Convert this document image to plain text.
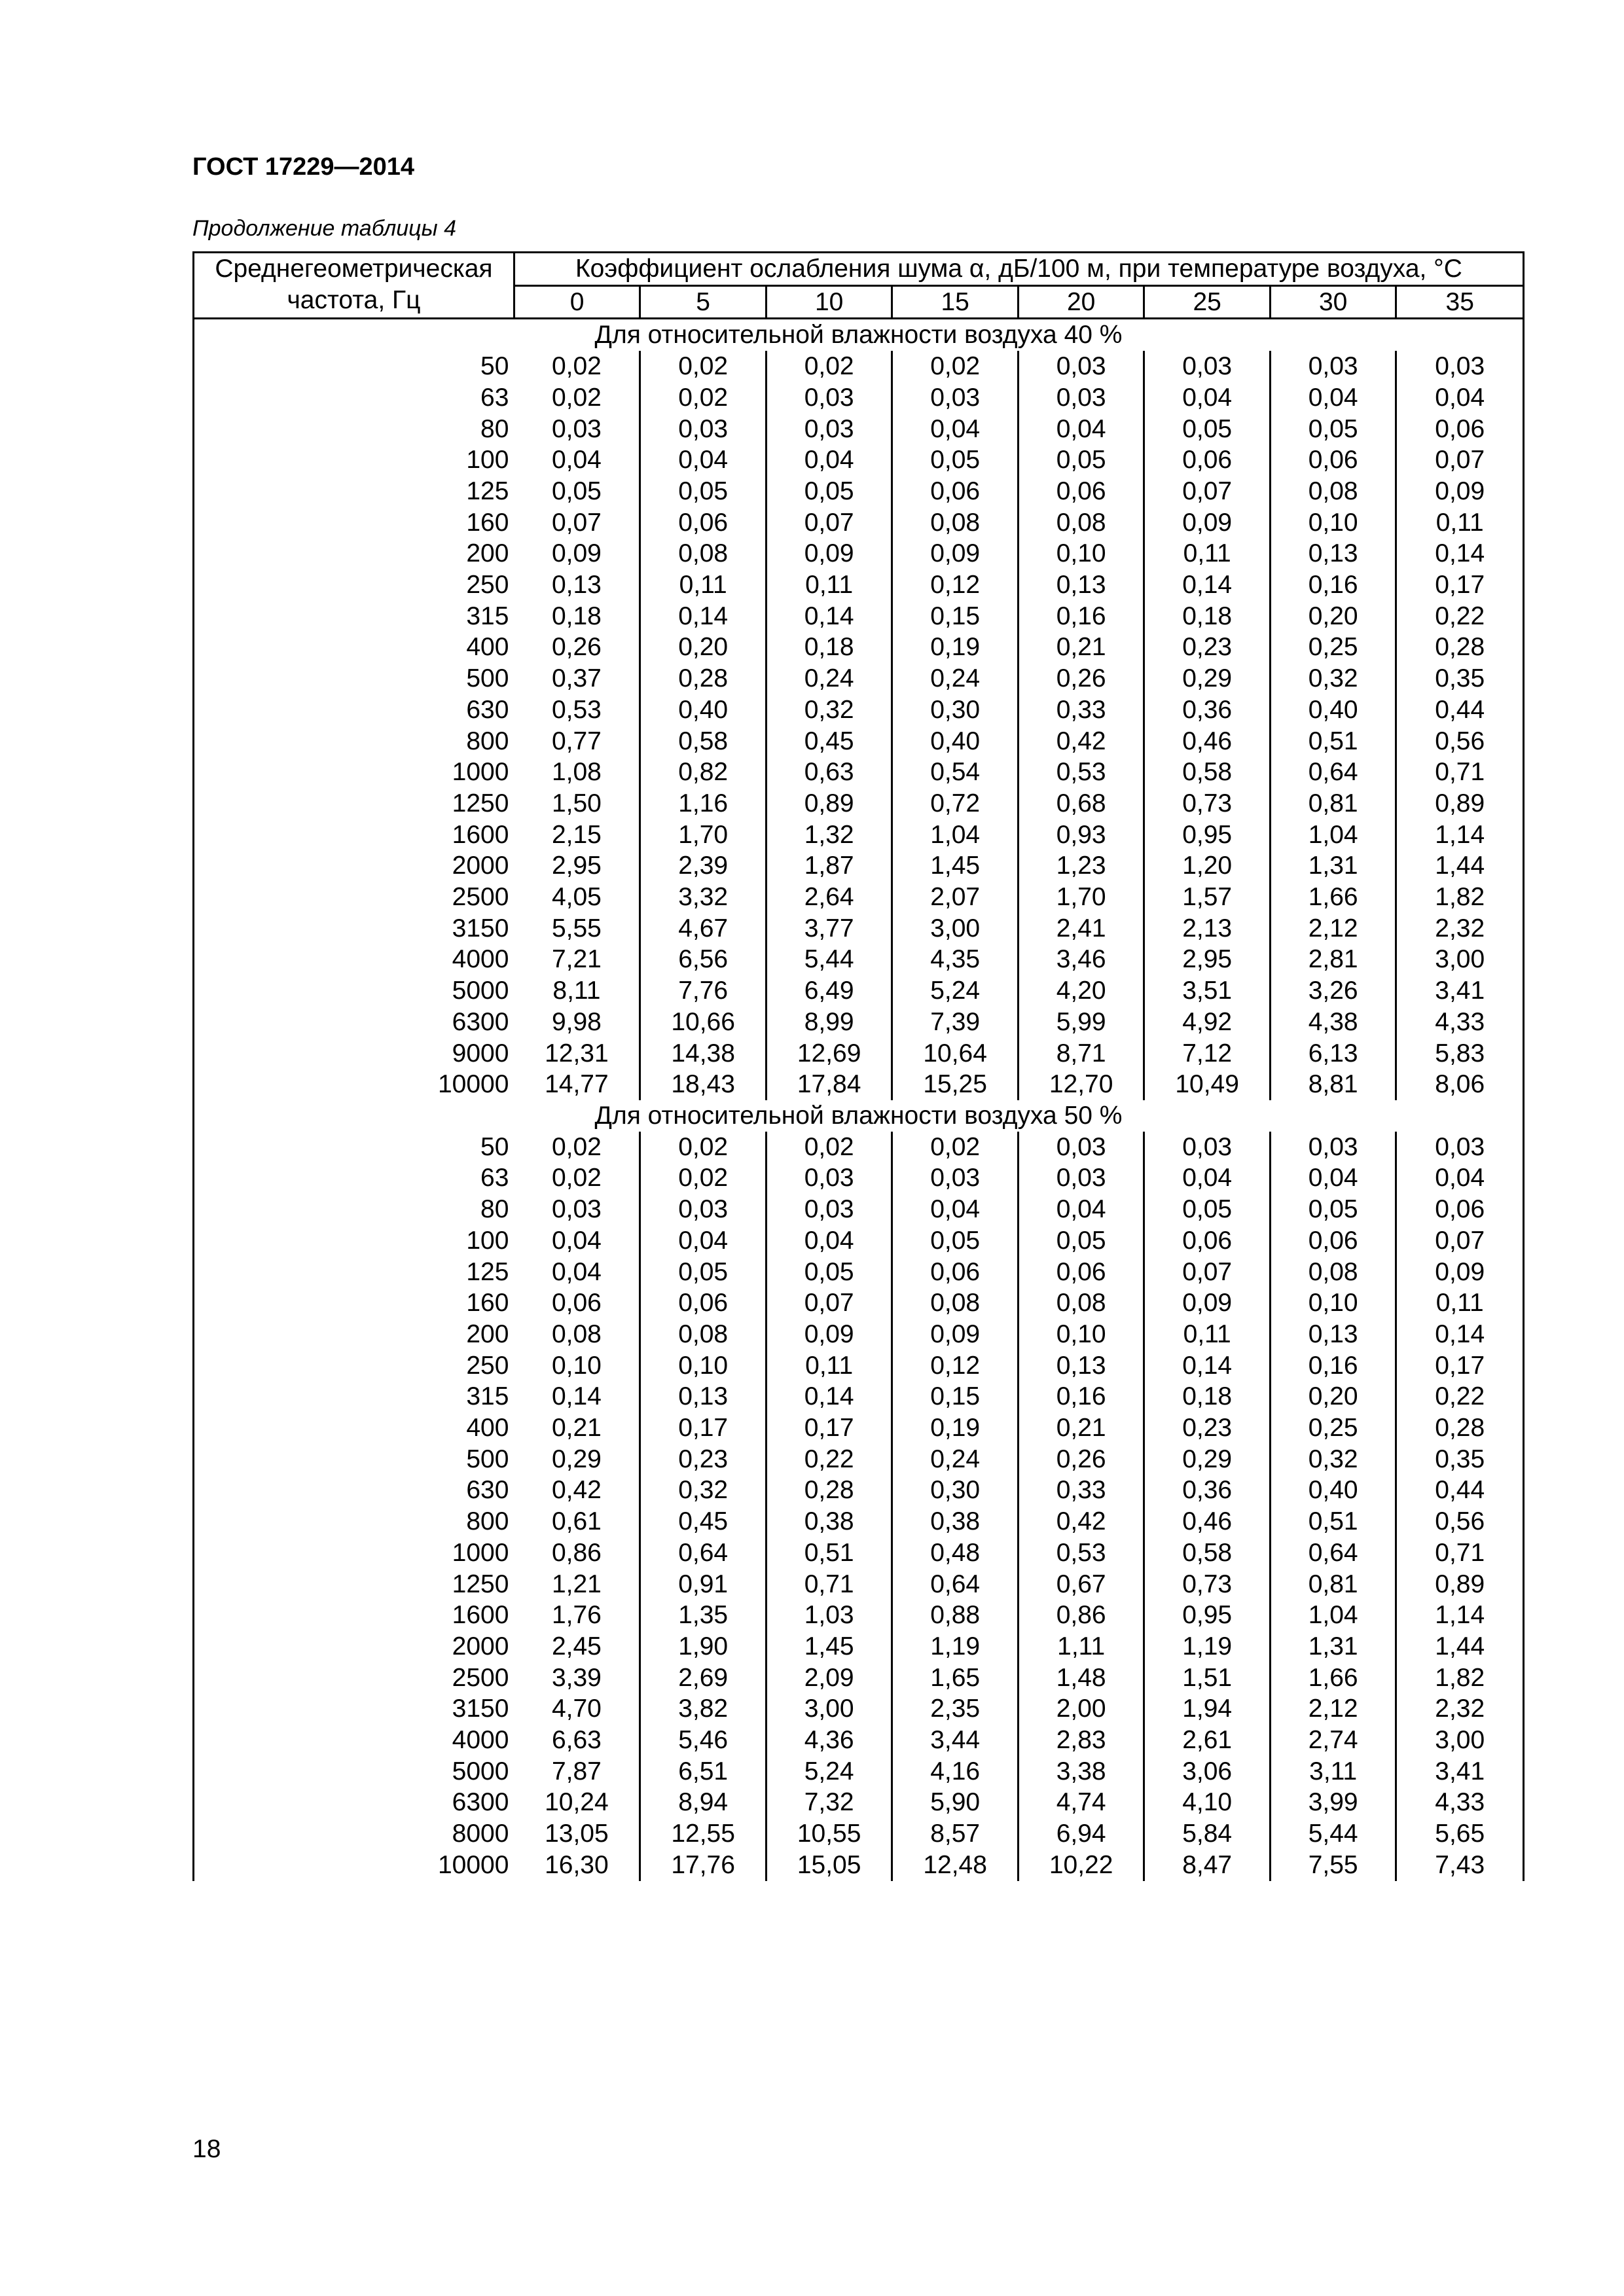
ГОСТ 17229—2014
Продолжение таблицы 4
Среднегеометрическая частота, Гц	Коэффициент ослабления шума α, дБ/100 м, при температуре воздуха, °С							
	0	5	10	15	20	25	30	35
Для относительной влажности воздуха 40 %								
50	0,02	0,02	0,02	0,02	0,03	0,03	0,03	0,03
63	0,02	0,02	0,03	0,03	0,03	0,04	0,04	0,04
80	0,03	0,03	0,03	0,04	0,04	0,05	0,05	0,06
100	0,04	0,04	0,04	0,05	0,05	0,06	0,06	0,07
125	0,05	0,05	0,05	0,06	0,06	0,07	0,08	0,09
160	0,07	0,06	0,07	0,08	0,08	0,09	0,10	0,11
200	0,09	0,08	0,09	0,09	0,10	0,11	0,13	0,14
250	0,13	0,11	0,11	0,12	0,13	0,14	0,16	0,17
315	0,18	0,14	0,14	0,15	0,16	0,18	0,20	0,22
400	0,26	0,20	0,18	0,19	0,21	0,23	0,25	0,28
500	0,37	0,28	0,24	0,24	0,26	0,29	0,32	0,35
630	0,53	0,40	0,32	0,30	0,33	0,36	0,40	0,44
800	0,77	0,58	0,45	0,40	0,42	0,46	0,51	0,56
1000	1,08	0,82	0,63	0,54	0,53	0,58	0,64	0,71
1250	1,50	1,16	0,89	0,72	0,68	0,73	0,81	0,89
1600	2,15	1,70	1,32	1,04	0,93	0,95	1,04	1,14
2000	2,95	2,39	1,87	1,45	1,23	1,20	1,31	1,44
2500	4,05	3,32	2,64	2,07	1,70	1,57	1,66	1,82
3150	5,55	4,67	3,77	3,00	2,41	2,13	2,12	2,32
4000	7,21	6,56	5,44	4,35	3,46	2,95	2,81	3,00
5000	8,11	7,76	6,49	5,24	4,20	3,51	3,26	3,41
6300	9,98	10,66	8,99	7,39	5,99	4,92	4,38	4,33
9000	12,31	14,38	12,69	10,64	8,71	7,12	6,13	5,83
10000	14,77	18,43	17,84	15,25	12,70	10,49	8,81	8,06
Для относительной влажности воздуха 50 %								
50	0,02	0,02	0,02	0,02	0,03	0,03	0,03	0,03
63	0,02	0,02	0,03	0,03	0,03	0,04	0,04	0,04
80	0,03	0,03	0,03	0,04	0,04	0,05	0,05	0,06
100	0,04	0,04	0,04	0,05	0,05	0,06	0,06	0,07
125	0,04	0,05	0,05	0,06	0,06	0,07	0,08	0,09
160	0,06	0,06	0,07	0,08	0,08	0,09	0,10	0,11
200	0,08	0,08	0,09	0,09	0,10	0,11	0,13	0,14
250	0,10	0,10	0,11	0,12	0,13	0,14	0,16	0,17
315	0,14	0,13	0,14	0,15	0,16	0,18	0,20	0,22
400	0,21	0,17	0,17	0,19	0,21	0,23	0,25	0,28
500	0,29	0,23	0,22	0,24	0,26	0,29	0,32	0,35
630	0,42	0,32	0,28	0,30	0,33	0,36	0,40	0,44
800	0,61	0,45	0,38	0,38	0,42	0,46	0,51	0,56
1000	0,86	0,64	0,51	0,48	0,53	0,58	0,64	0,71
1250	1,21	0,91	0,71	0,64	0,67	0,73	0,81	0,89
1600	1,76	1,35	1,03	0,88	0,86	0,95	1,04	1,14
2000	2,45	1,90	1,45	1,19	1,11	1,19	1,31	1,44
2500	3,39	2,69	2,09	1,65	1,48	1,51	1,66	1,82
3150	4,70	3,82	3,00	2,35	2,00	1,94	2,12	2,32
4000	6,63	5,46	4,36	3,44	2,83	2,61	2,74	3,00
5000	7,87	6,51	5,24	4,16	3,38	3,06	3,11	3,41
6300	10,24	8,94	7,32	5,90	4,74	4,10	3,99	4,33
8000	13,05	12,55	10,55	8,57	6,94	5,84	5,44	5,65
10000	16,30	17,76	15,05	12,48	10,22	8,47	7,55	7,43
18
